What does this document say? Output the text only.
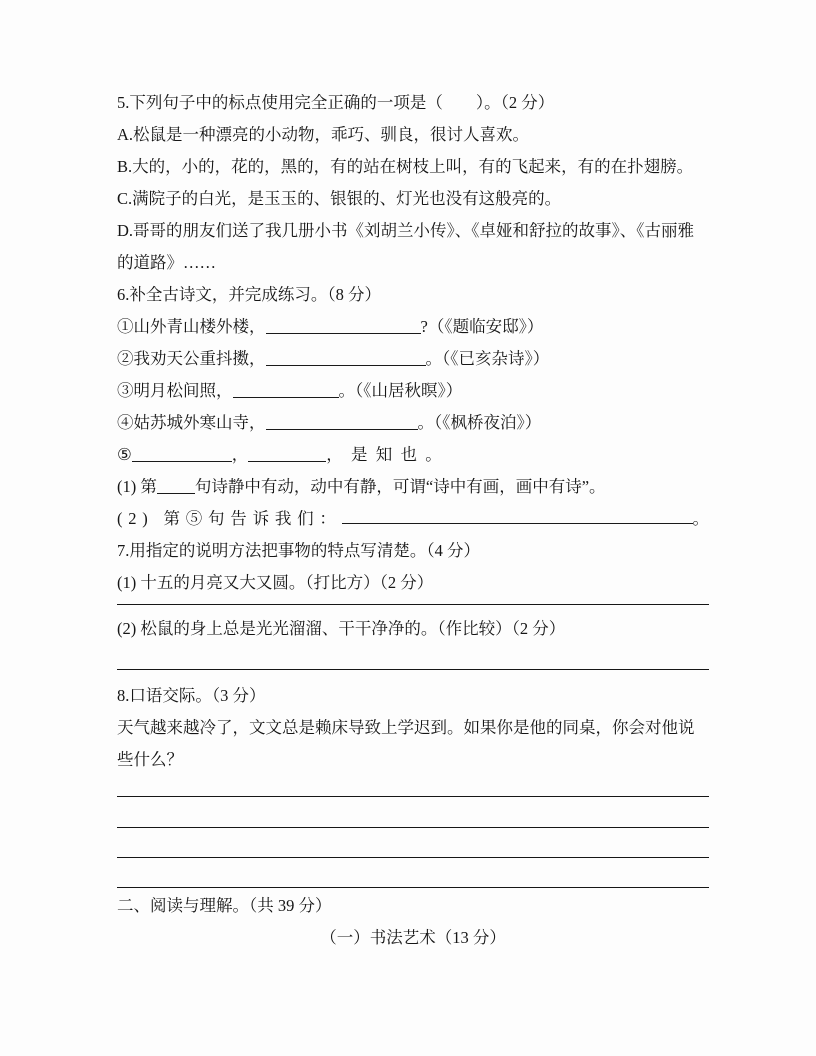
5.下列句子中的标点使用完全正确的一项是（　　）。（2 分）
A.松鼠是一种漂亮的小动物，乖巧、驯良，很讨人喜欢。
B.大的，小的，花的，黑的，有的站在树枝上叫，有的飞起来，有的在扑翅膀。
C.满院子的白光，是玉玉的、银银的、灯光也没有这般亮的。
D.哥哥的朋友们送了我几册小书《刘胡兰小传》、《卓娅和舒拉的故事》、《古丽雅的道路》……
6.补全古诗文，并完成练习。（8 分）
①山外青山楼外楼，	?（《题临安邸》）
②我劝天公重抖擞，	。（《已亥杂诗》）
③明月松间照，	。（《山居秋暝》）
④姑苏城外寒山寺，	。（《枫桥夜泊》）
⑤	，	，是知也。
(1) 第 句诗静中有动，动中有静，可谓“诗中有画，画中有诗”。
(2) 第⑤句告诉我们：	。
7.用指定的说明方法把事物的特点写清楚。（4 分）
(1) 十五的月亮又大又圆。（打比方）（2 分）
(2) 松鼠的身上总是光光溜溜、干干净净的。（作比较）（2 分）
8.口语交际。（3 分）
天气越来越冷了，文文总是赖床导致上学迟到。如果你是他的同桌，你会对他说些什么？
二、阅读与理解。（共 39 分）
（一）书法艺术（13 分）
